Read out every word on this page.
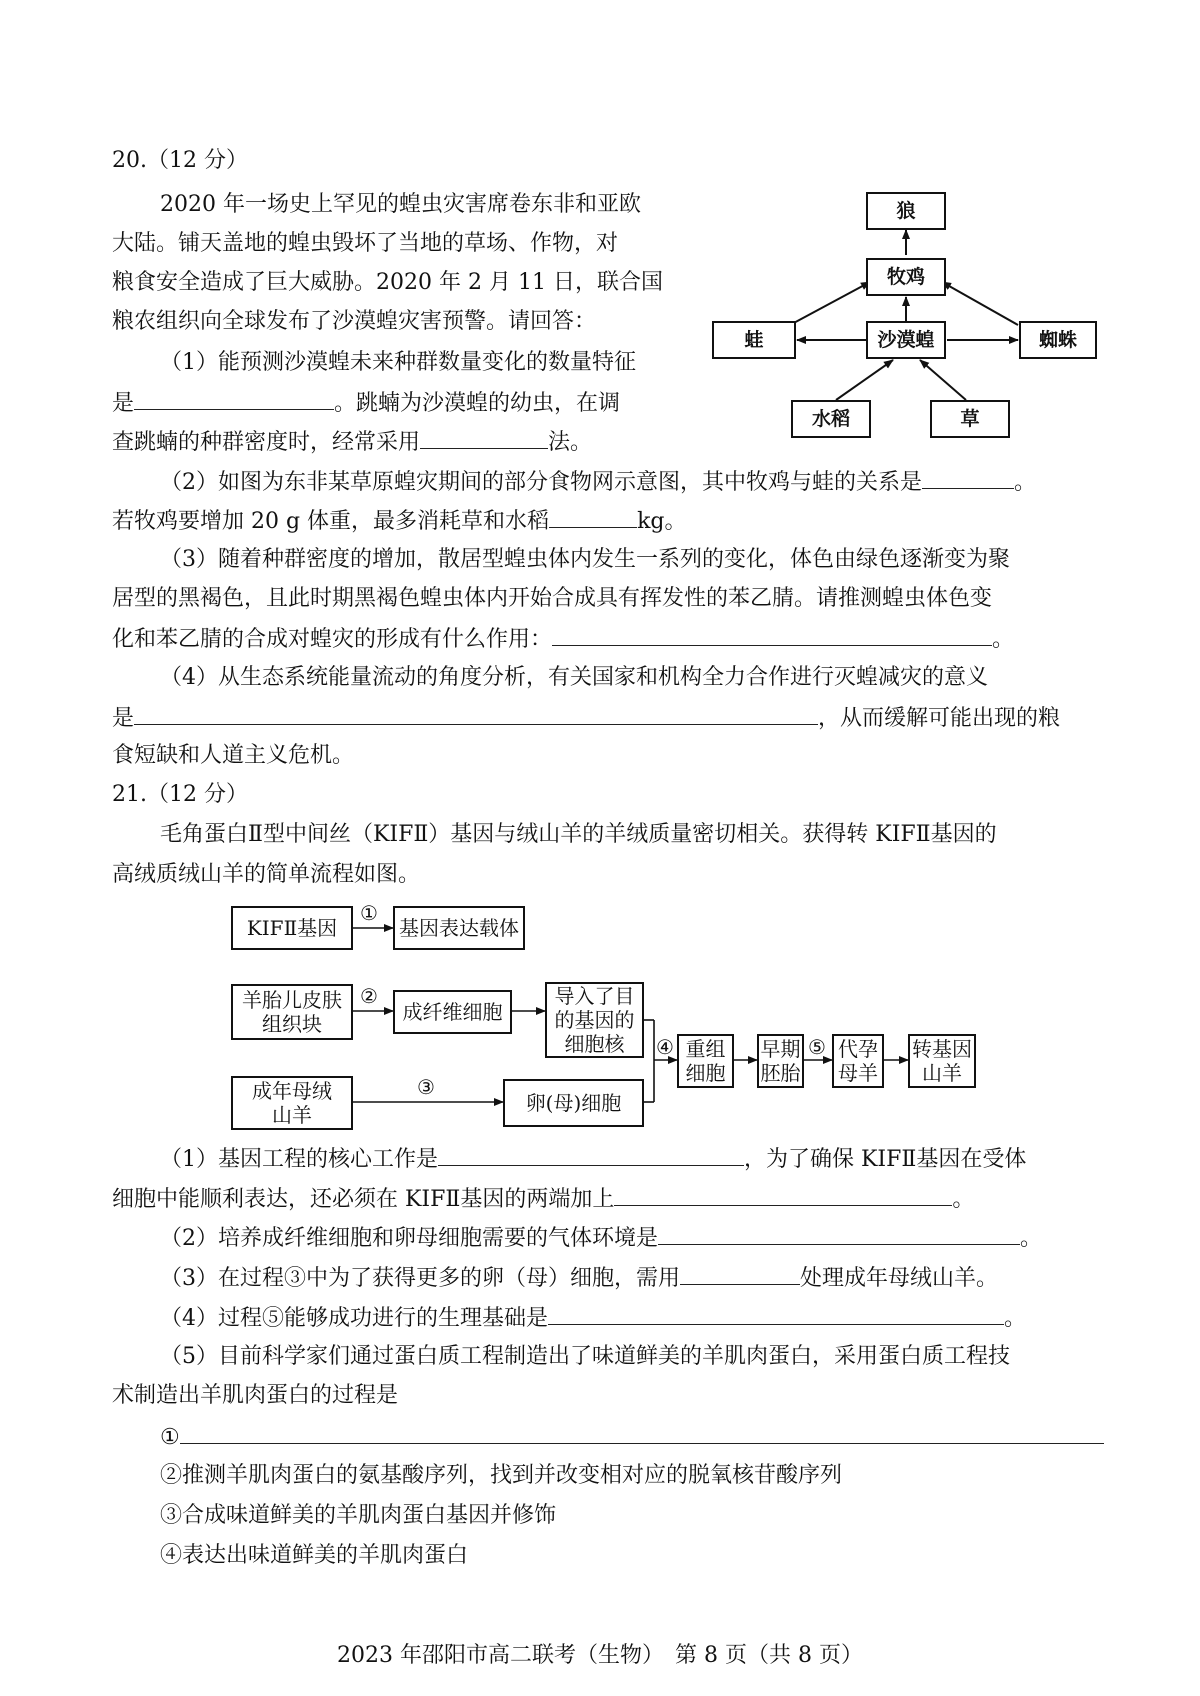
20.（12 分）
2020 年一场史上罕见的蝗虫灾害席卷东非和亚欧
大陆。铺天盖地的蝗虫毁坏了当地的草场、作物，对
粮食安全造成了巨大威胁。2020 年 2 月 11 日，联合国
粮农组织向全球发布了沙漠蝗灾害预警。请回答：
（1）能预测沙漠蝗未来种群数量变化的数量特征
是	。跳蝻为沙漠蝗的幼虫，在调
查跳蝻的种群密度时，经常采用	法。
（2）如图为东非某草原蝗灾期间的部分食物网示意图，其中牧鸡与蛙的关系是	。
若牧鸡要增加 20 g 体重，最多消耗草和水稻	kg。
（3）随着种群密度的增加，散居型蝗虫体内发生一系列的变化，体色由绿色逐渐变为聚
居型的黑褐色，且此时期黑褐色蝗虫体内开始合成具有挥发性的苯乙腈。请推测蝗虫体色变
化和苯乙腈的合成对蝗灾的形成有什么作用：	。
（4）从生态系统能量流动的角度分析，有关国家和机构全力合作进行灭蝗减灾的意义
是	，从而缓解可能出现的粮
食短缺和人道主义危机。
狼
牧鸡
蛙	沙漠蝗	蜘蛛
水稻	草
21.（12 分）
毛角蛋白Ⅱ型中间丝（KIFⅡ）基因与绒山羊的羊绒质量密切相关。获得转 KIFⅡ基因的
高绒质绒山羊的简单流程如图。
KIFⅡ基因	基因表达载体
羊胎儿皮肤
组织块	成纤维细胞
导入了目
的基因的
细胞核
成年母绒
山羊	卵(母)细胞
重组
细胞
早期
胚胎
代孕
母羊
转基因
山羊
①
②
③
④	⑤
（1）基因工程的核心工作是	，为了确保 KIFⅡ基因在受体
细胞中能顺利表达，还必须在 KIFⅡ基因的两端加上	。
（2）培养成纤维细胞和卵母细胞需要的气体环境是	。
（3）在过程③中为了获得更多的卵（母）细胞，需用	处理成年母绒山羊。
（4）过程⑤能够成功进行的生理基础是	。
（5）目前科学家们通过蛋白质工程制造出了味道鲜美的羊肌肉蛋白，采用蛋白质工程技
术制造出羊肌肉蛋白的过程是
①
②推测羊肌肉蛋白的氨基酸序列，找到并改变相对应的脱氧核苷酸序列
③合成味道鲜美的羊肌肉蛋白基因并修饰
④表达出味道鲜美的羊肌肉蛋白
2023 年邵阳市高二联考（生物）　第 8 页（共 8 页）
